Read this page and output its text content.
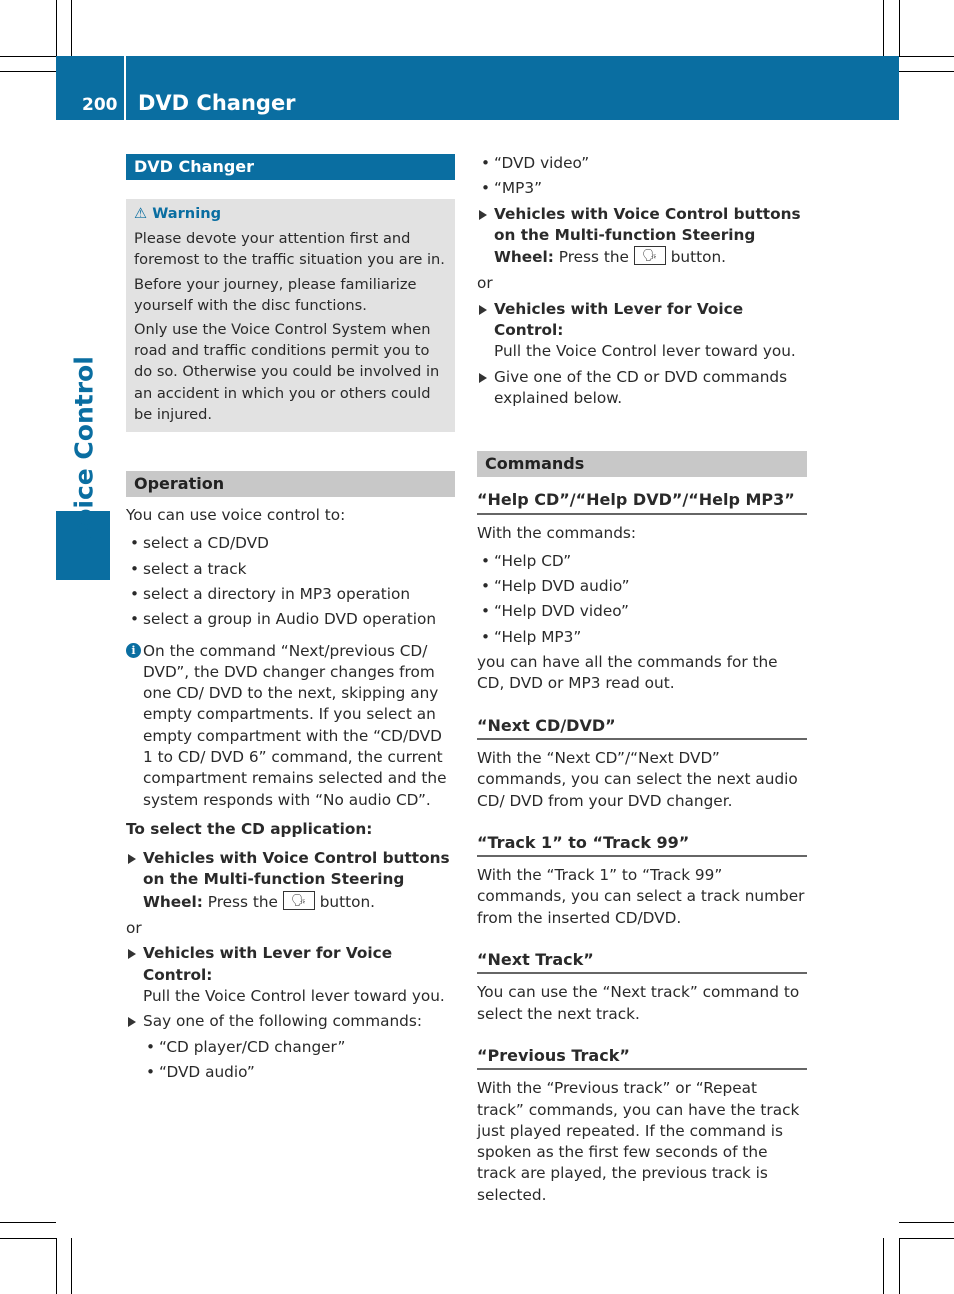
200 DVD Changer
Voice Control
DVD Changer
⚠ Warning

Please devote your attention first and foremost to the traffic situation you are in.

Before your journey, please familiarize yourself with the disc functions.

Only use the Voice Control System when road and traffic conditions permit you to do so. Otherwise you could be involved in an accident in which you or others could be injured.

Operation
You can use voice control to:
• select a CD/DVD
• select a track
• select a directory in MP3 operation
• select a group in Audio DVD operation
i On the command “Next/previous CD/ DVD”, the DVD changer changes from one CD/ DVD to the next, skipping any empty compartments. If you select an empty compartment with the “CD/DVD 1 to CD/ DVD 6” command, the current compartment remains selected and the system responds with “No audio CD”.
To select the CD application:
Vehicles with Voice Control buttons on the Multi-function Steering Wheel: Press the 🗣 button.
or
Vehicles with Lever for Voice Control:
Pull the Voice Control lever toward you.
Say one of the following commands:
• “CD player/CD changer”
• “DVD audio”
• “DVD video”
• “MP3”
Vehicles with Voice Control buttons on the Multi-function Steering Wheel: Press the 🗣 button.
or
Vehicles with Lever for Voice Control:
Pull the Voice Control lever toward you.
Give one of the CD or DVD commands explained below.
Commands
“Help CD”/“Help DVD”/“Help MP3”
With the commands:
• “Help CD”
• “Help DVD audio”
• “Help DVD video”
• “Help MP3”
you can have all the commands for the CD, DVD or MP3 read out.
“Next CD/DVD”
With the “Next CD”/“Next DVD” commands, you can select the next audio CD/ DVD from your DVD changer.
“Track 1” to “Track 99”
With the “Track 1” to “Track 99” commands, you can select a track number from the inserted CD/DVD.
“Next Track”
You can use the “Next track” command to select the next track.
“Previous Track”
With the “Previous track” or “Repeat track” commands, you can have the track just played repeated. If the command is spoken as the first few seconds of the track are played, the previous track is selected.
